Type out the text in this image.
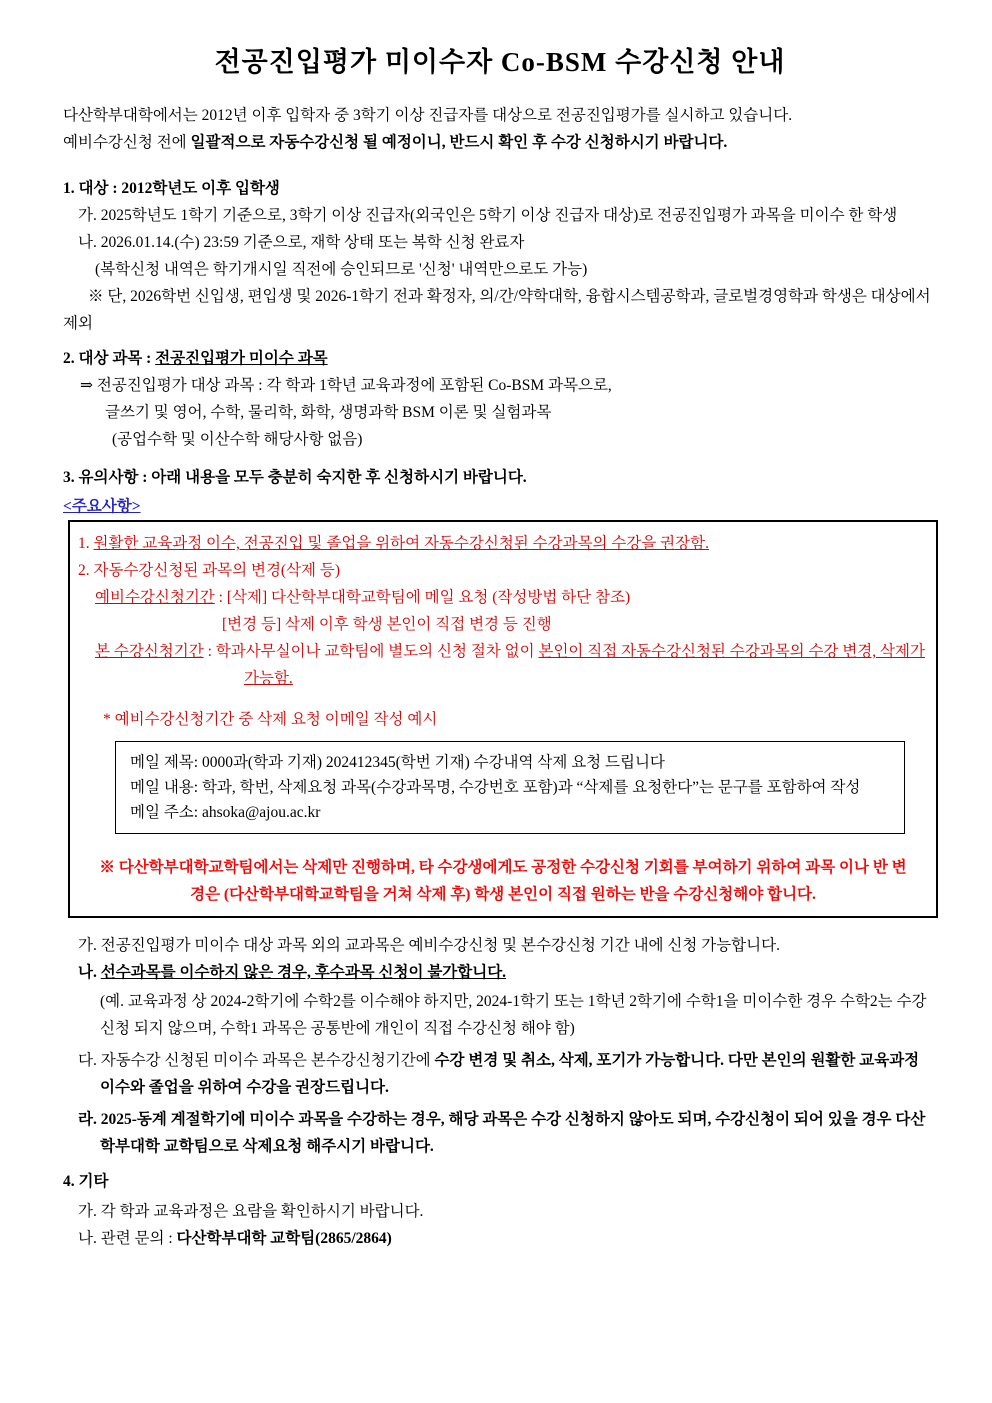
전공진입평가 미이수자 Co-BSM 수강신청 안내
다산학부대학에서는 2012년 이후 입학자 중 3학기 이상 진급자를 대상으로 전공진입평가를 실시하고 있습니다.
예비수강신청 전에 일괄적으로 자동수강신청 될 예정이니, 반드시 확인 후 수강 신청하시기 바랍니다.
1. 대상 : 2012학년도 이후 입학생
가. 2025학년도 1학기 기준으로, 3학기 이상 진급자(외국인은 5학기 이상 진급자 대상)로 전공진입평가 과목을 미이수 한 학생
나. 2026.01.14.(수) 23:59 기준으로, 재학 상태 또는 복학 신청 완료자
(복학신청 내역은 학기개시일 직전에 승인되므로 '신청' 내역만으로도 가능)
※ 단, 2026학번 신입생, 편입생 및 2026-1학기 전과 확정자, 의/간/약학대학, 융합시스템공학과, 글로벌경영학과 학생은 대상에서 제외
2. 대상 과목 : 전공진입평가 미이수 과목
⇒ 전공진입평가 대상 과목 : 각 학과 1학년 교육과정에 포함된 Co-BSM 과목으로,
글쓰기 및 영어, 수학, 물리학, 화학, 생명과학 BSM 이론 및 실험과목
(공업수학 및 이산수학 해당사항 없음)
3. 유의사항 : 아래 내용을 모두 충분히 숙지한 후 신청하시기 바랍니다.
<주요사항>
1. 원활한 교육과정 이수, 전공진입 및 졸업을 위하여 자동수강신청된 수강과목의 수강을 권장함.
2. 자동수강신청된 과목의 변경(삭제 등)
예비수강신청기간 : [삭제] 다산학부대학교학팀에 메일 요청 (작성방법 하단 참조)
[변경 등] 삭제 이후 학생 본인이 직접 변경 등 진행
본 수강신청기간 : 학과사무실이나 교학팀에 별도의 신청 절차 없이 본인이 직접 자동수강신청된 수강과목의 수강 변경, 삭제가 가능함.
* 예비수강신청기간 중 삭제 요청 이메일 작성 예시
메일 제목: 0000과(학과 기재) 202412345(학번 기재) 수강내역 삭제 요청 드립니다
메일 내용: 학과, 학번, 삭제요청 과목(수강과목명, 수강번호 포함)과 “삭제를 요청한다”는 문구를 포함하여 작성
메일 주소: ahsoka@ajou.ac.kr
※ 다산학부대학교학팀에서는 삭제만 진행하며, 타 수강생에게도 공정한 수강신청 기회를 부여하기 위하여 과목 이나 반 변경은 (다산학부대학교학팀을 거쳐 삭제 후) 학생 본인이 직접 원하는 반을 수강신청해야 합니다.
가. 전공진입평가 미이수 대상 과목 외의 교과목은 예비수강신청 및 본수강신청 기간 내에 신청 가능합니다.
나. 선수과목를 이수하지 않은 경우, 후수과목 신청이 불가합니다.
(예. 교육과정 상 2024-2학기에 수학2를 이수해야 하지만, 2024-1학기 또는 1학년 2학기에 수학1을 미이수한 경우 수학2는 수강신청 되지 않으며, 수학1 과목은 공통반에 개인이 직접 수강신청 해야 함)
다. 자동수강 신청된 미이수 과목은 본수강신청기간에 수강 변경 및 취소, 삭제, 포기가 가능합니다. 다만 본인의 원활한 교육과정 이수와 졸업을 위하여 수강을 권장드립니다.
라. 2025-동계 계절학기에 미이수 과목을 수강하는 경우, 해당 과목은 수강 신청하지 않아도 되며, 수강신청이 되어 있을 경우 다산학부대학 교학팀으로 삭제요청 해주시기 바랍니다.
4. 기타
가. 각 학과 교육과정은 요람을 확인하시기 바랍니다.
나. 관련 문의 : 다산학부대학 교학팀(2865/2864)
